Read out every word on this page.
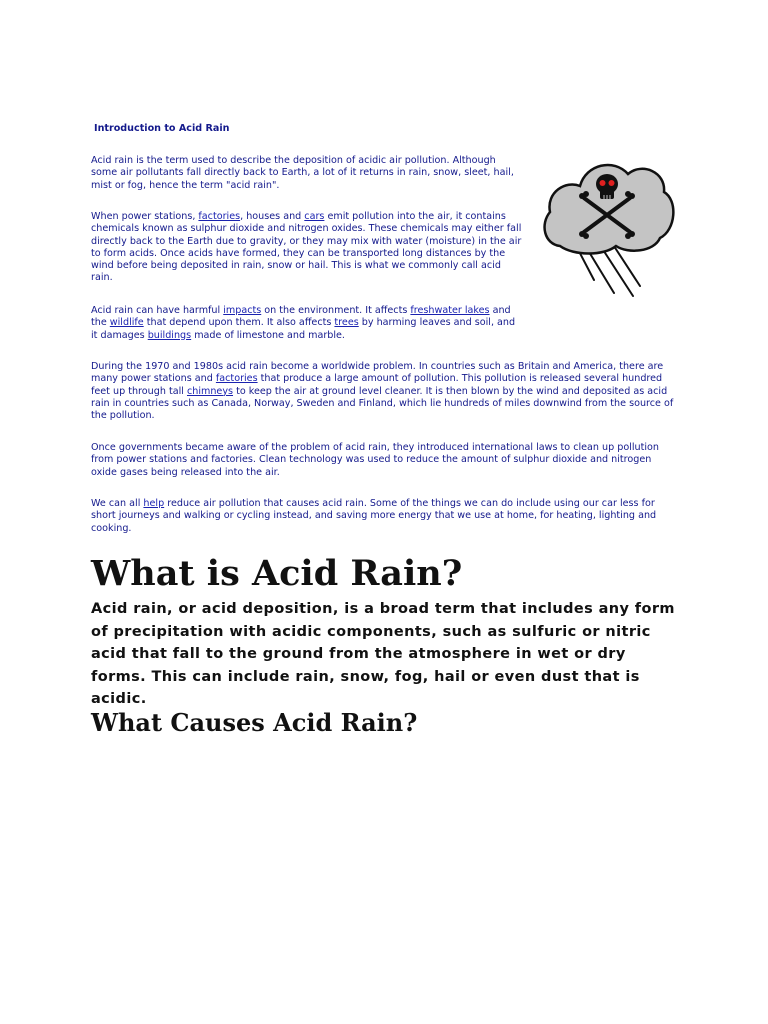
Introduction to Acid Rain

Acid rain is the term used to describe the deposition of acidic air pollution. Although some air pollutants fall directly back to Earth, a lot of it returns in rain, snow, sleet, hail, mist or fog, hence the term "acid rain".

When power stations, factories, houses and cars emit pollution into the air, it contains chemicals known as sulphur dioxide and nitrogen oxides. These chemicals may either fall directly back to the Earth due to gravity, or they may mix with water (moisture) in the air to form acids. Once acids have formed, they can be transported long distances by the wind before being deposited in rain, snow or hail. This is what we commonly call acid rain.

Acid rain can have harmful impacts on the environment. It affects freshwater lakes and the wildlife that depend upon them. It also affects trees by harming leaves and soil, and it damages buildings made of limestone and marble.

During the 1970 and 1980s acid rain become a worldwide problem. In countries such as Britain and America, there are many power stations and factories that produce a large amount of pollution. This pollution is released several hundred feet up through tall chimneys to keep the air at ground level cleaner. It is then blown by the wind and deposited as acid rain in countries such as Canada, Norway, Sweden and Finland, which lie hundreds of miles downwind from the source of the pollution.

Once governments became aware of the problem of acid rain, they introduced international laws to clean up pollution from power stations and factories. Clean technology was used to reduce the amount of sulphur dioxide and nitrogen oxide gases being released into the air.

We can all help reduce air pollution that causes acid rain. Some of the things we can do include using our car less for short journeys and walking or cycling instead, and saving more energy that we use at home, for heating, lighting and cooking.

What is Acid Rain?

Acid rain, or acid deposition, is a broad term that includes any form of precipitation with acidic components, such as sulfuric or nitric acid that fall to the ground from the atmosphere in wet or dry forms. This can include rain, snow, fog, hail or even dust that is acidic.

What Causes Acid Rain?
